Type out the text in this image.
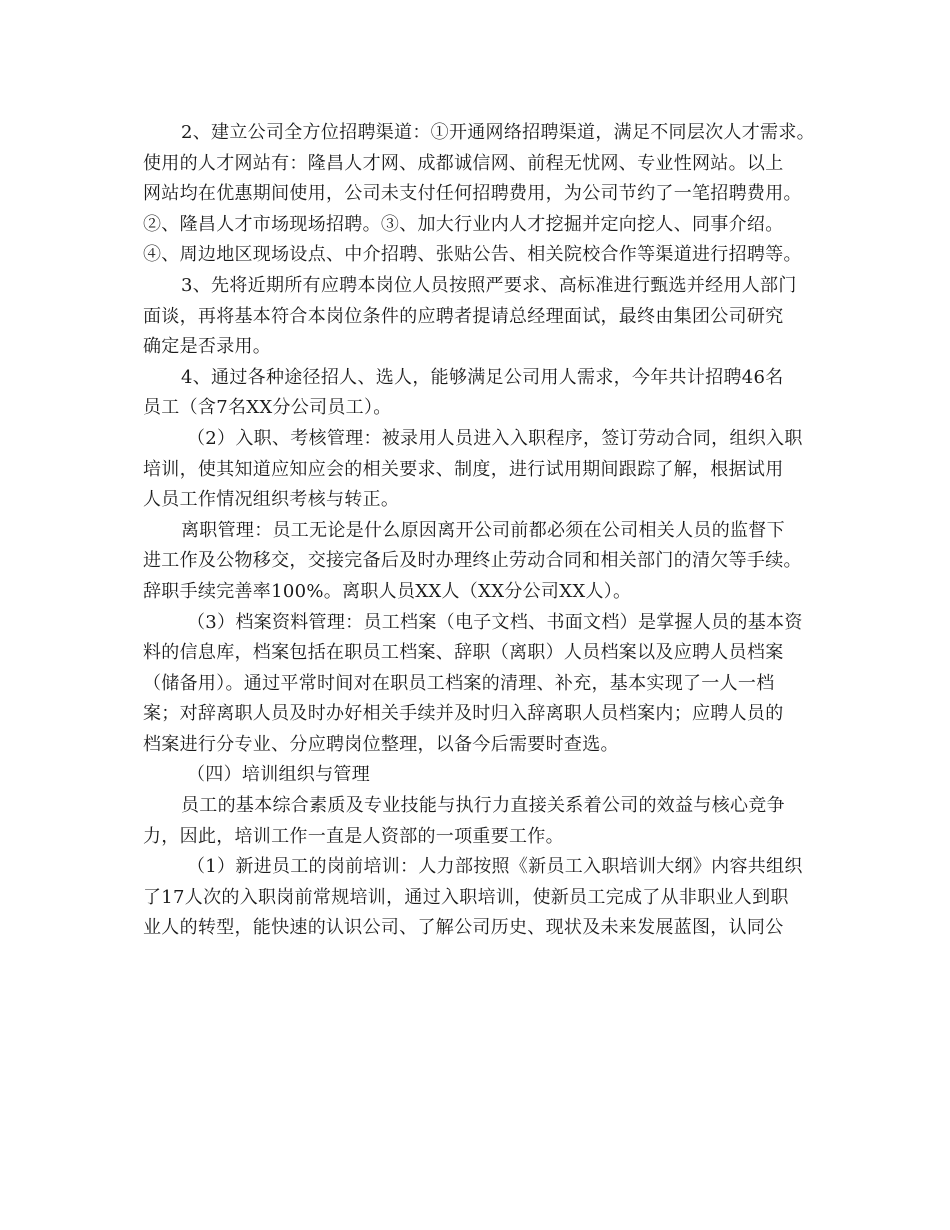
2、建立公司全方位招聘渠道：①开通网络招聘渠道，满足不同层次人才需求。
使用的人才网站有：隆昌人才网、成都诚信网、前程无忧网、专业性网站。以上
网站均在优惠期间使用，公司未支付任何招聘费用，为公司节约了一笔招聘费用。
②、隆昌人才市场现场招聘。③、加大行业内人才挖掘并定向挖人、同事介绍。
④、周边地区现场设点、中介招聘、张贴公告、相关院校合作等渠道进行招聘等。
3、先将近期所有应聘本岗位人员按照严要求、高标准进行甄选并经用人部门
面谈，再将基本符合本岗位条件的应聘者提请总经理面试，最终由集团公司研究
确定是否录用。
4、通过各种途径招人、选人，能够满足公司用人需求，今年共计招聘46名
员工（含7名XX分公司员工）。
（2）入职、考核管理：被录用人员进入入职程序，签订劳动合同，组织入职
培训，使其知道应知应会的相关要求、制度，进行试用期间跟踪了解，根据试用
人员工作情况组织考核与转正。
离职管理：员工无论是什么原因离开公司前都必须在公司相关人员的监督下
进工作及公物移交，交接完备后及时办理终止劳动合同和相关部门的清欠等手续。
辞职手续完善率100%。离职人员XX人（XX分公司XX人）。
（3）档案资料管理：员工档案（电子文档、书面文档）是掌握人员的基本资
料的信息库，档案包括在职员工档案、辞职（离职）人员档案以及应聘人员档案
（储备用）。通过平常时间对在职员工档案的清理、补充，基本实现了一人一档
案；对辞离职人员及时办好相关手续并及时归入辞离职人员档案内；应聘人员的
档案进行分专业、分应聘岗位整理，以备今后需要时查选。
（四）培训组织与管理
员工的基本综合素质及专业技能与执行力直接关系着公司的效益与核心竞争
力，因此，培训工作一直是人资部的一项重要工作。
（1）新进员工的岗前培训：人力部按照《新员工入职培训大纲》内容共组织
了17人次的入职岗前常规培训，通过入职培训，使新员工完成了从非职业人到职
业人的转型，能快速的认识公司、了解公司历史、现状及未来发展蓝图，认同公
